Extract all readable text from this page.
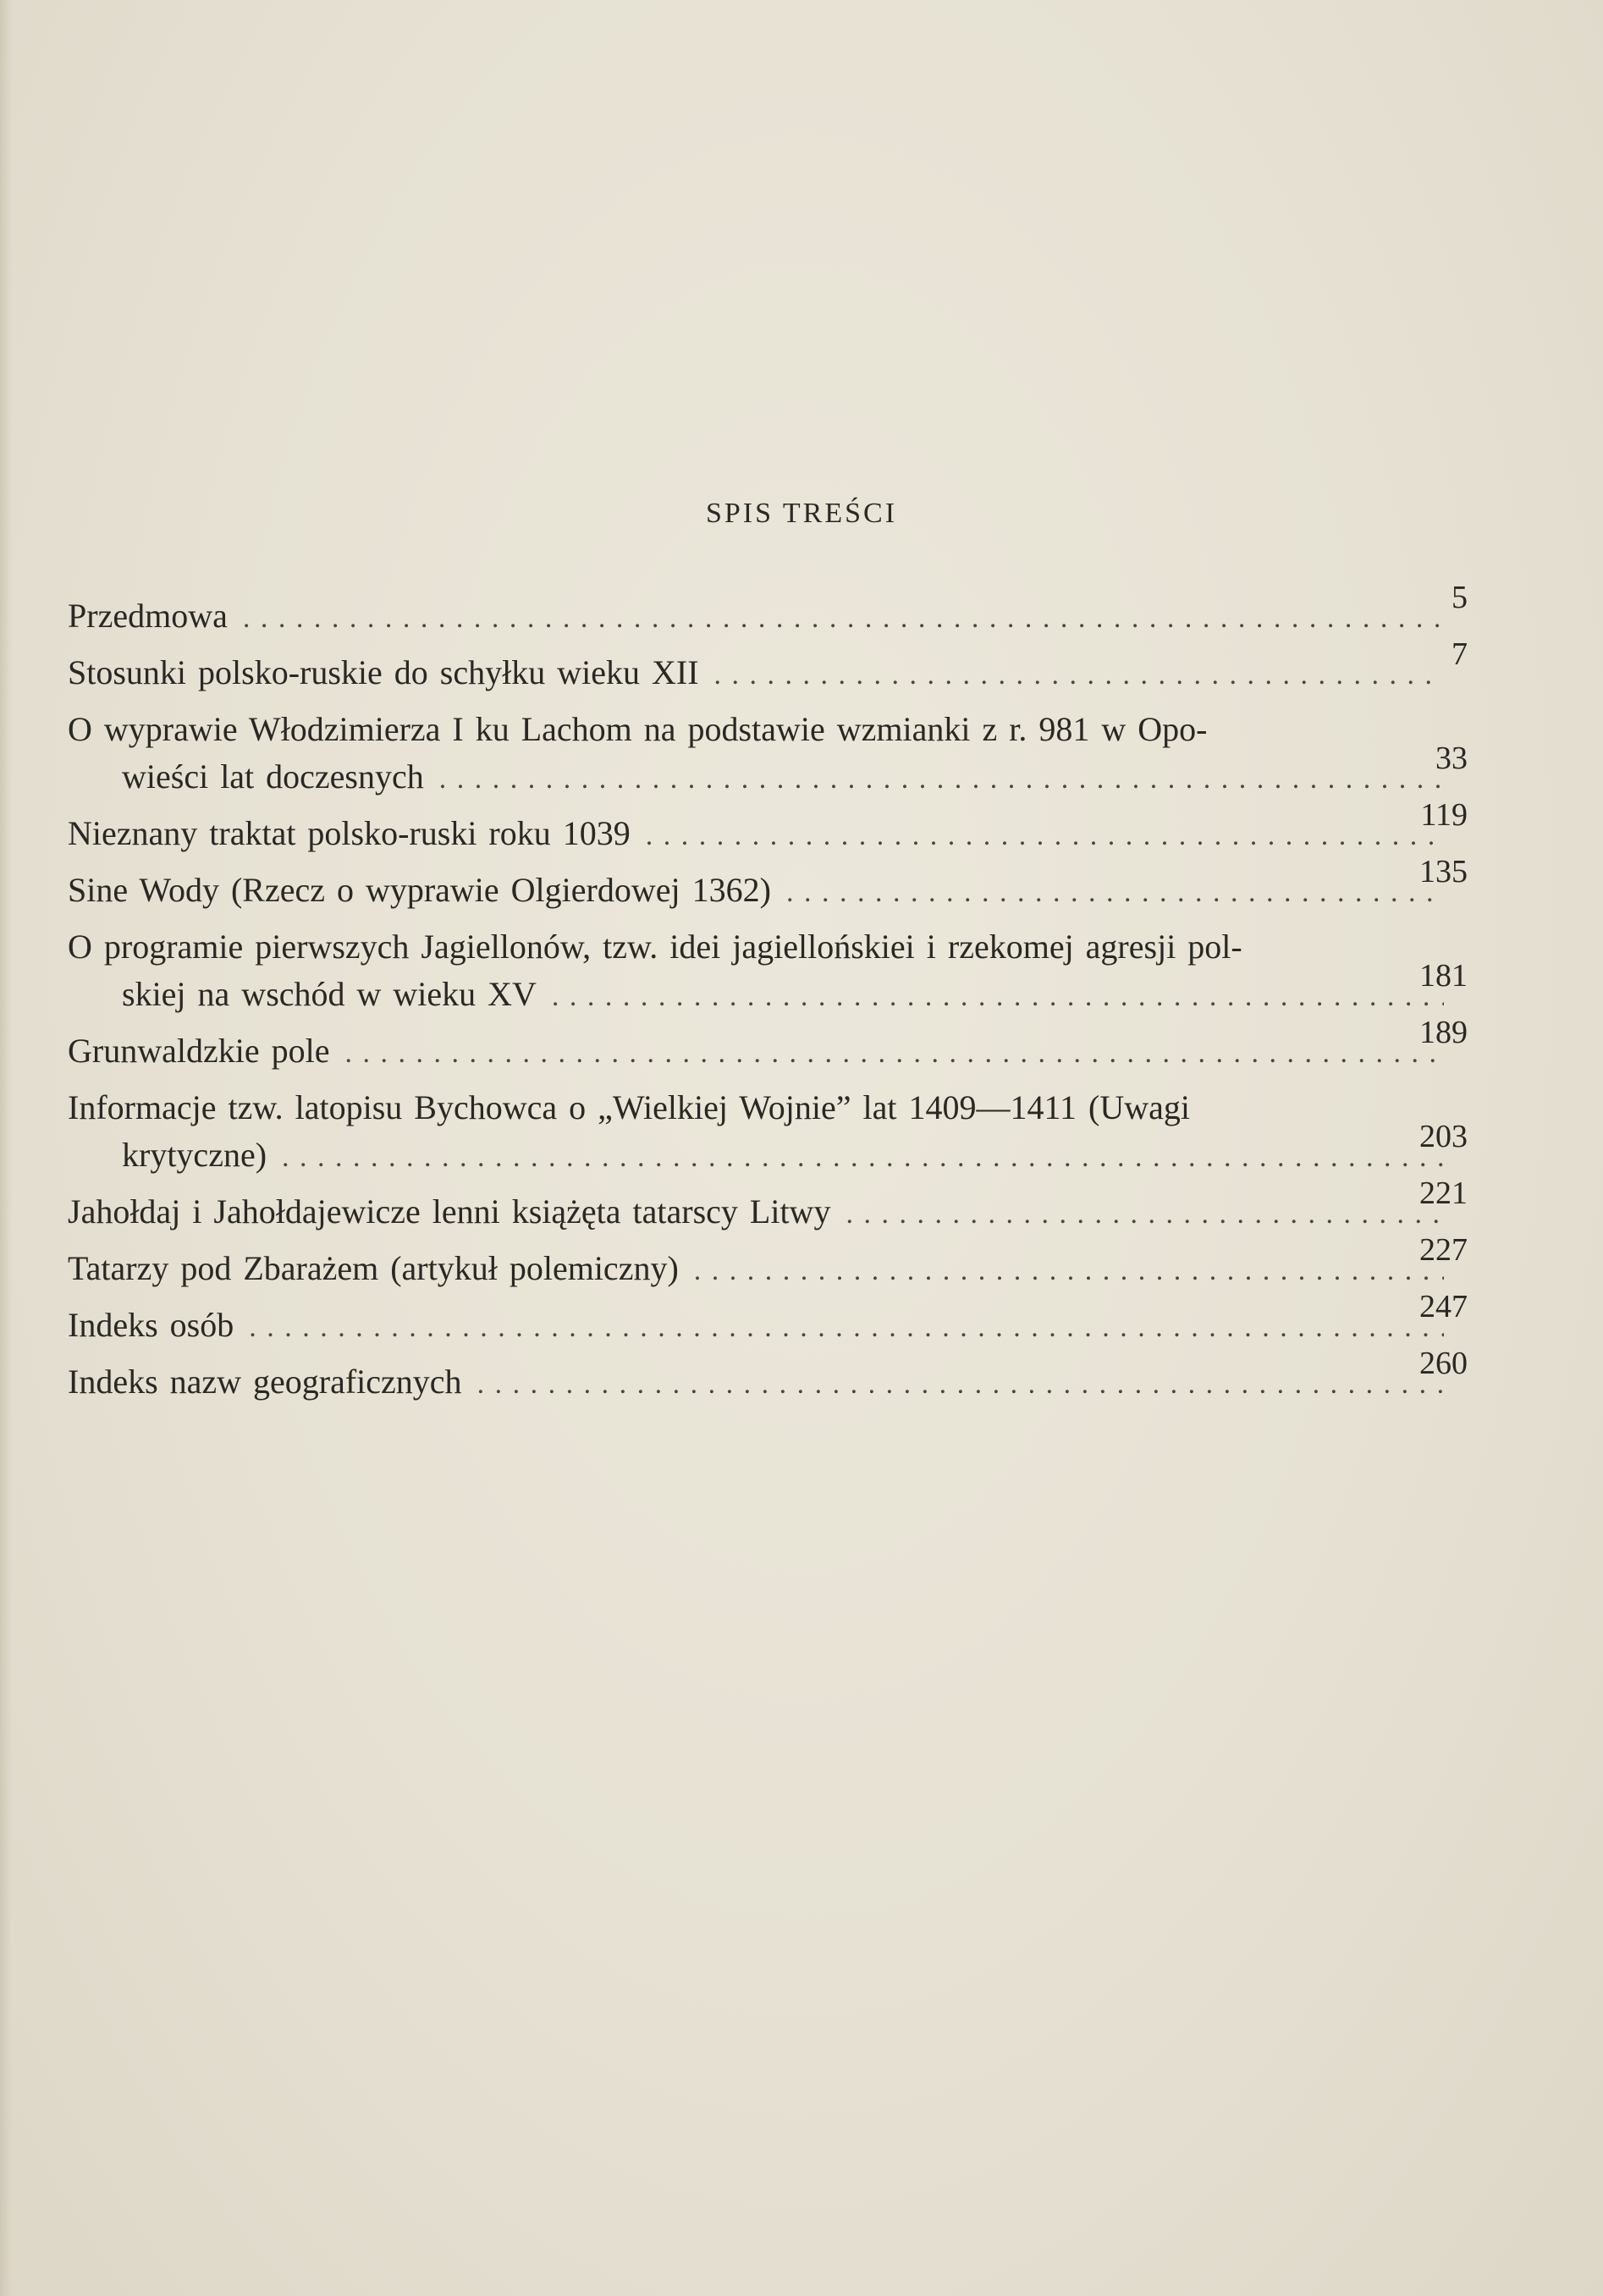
SPIS TREŚCI
Przedmowa . . .	5
Stosunki polsko-ruskie do schyłku wieku XII . . .	7
O wyprawie Włodzimierza I ku Lachom na podstawie wzmianki z r. 981 w Opo-
wieści lat doczesnych . . .	33
Nieznany traktat polsko-ruski roku 1039 . . .	119
Sine Wody (Rzecz o wyprawie Olgierdowej 1362) . . .	135
O programie pierwszych Jagiellonów, tzw. idei jagiellońskiei i rzekomej agresji pol-
skiej na wschód w wieku XV . . .	181
Grunwaldzkie pole . . .	189
Informacje tzw. latopisu Bychowca o „Wielkiej Wojnie” lat 1409—1411 (Uwagi
krytyczne) . . .	203
Jahołdaj i Jahołdajewicze lenni książęta tatarscy Litwy . . .	221
Tatarzy pod Zbarażem (artykuł polemiczny) . . .	227
Indeks osób . . .	247
Indeks nazw geograficznych . . .	260
